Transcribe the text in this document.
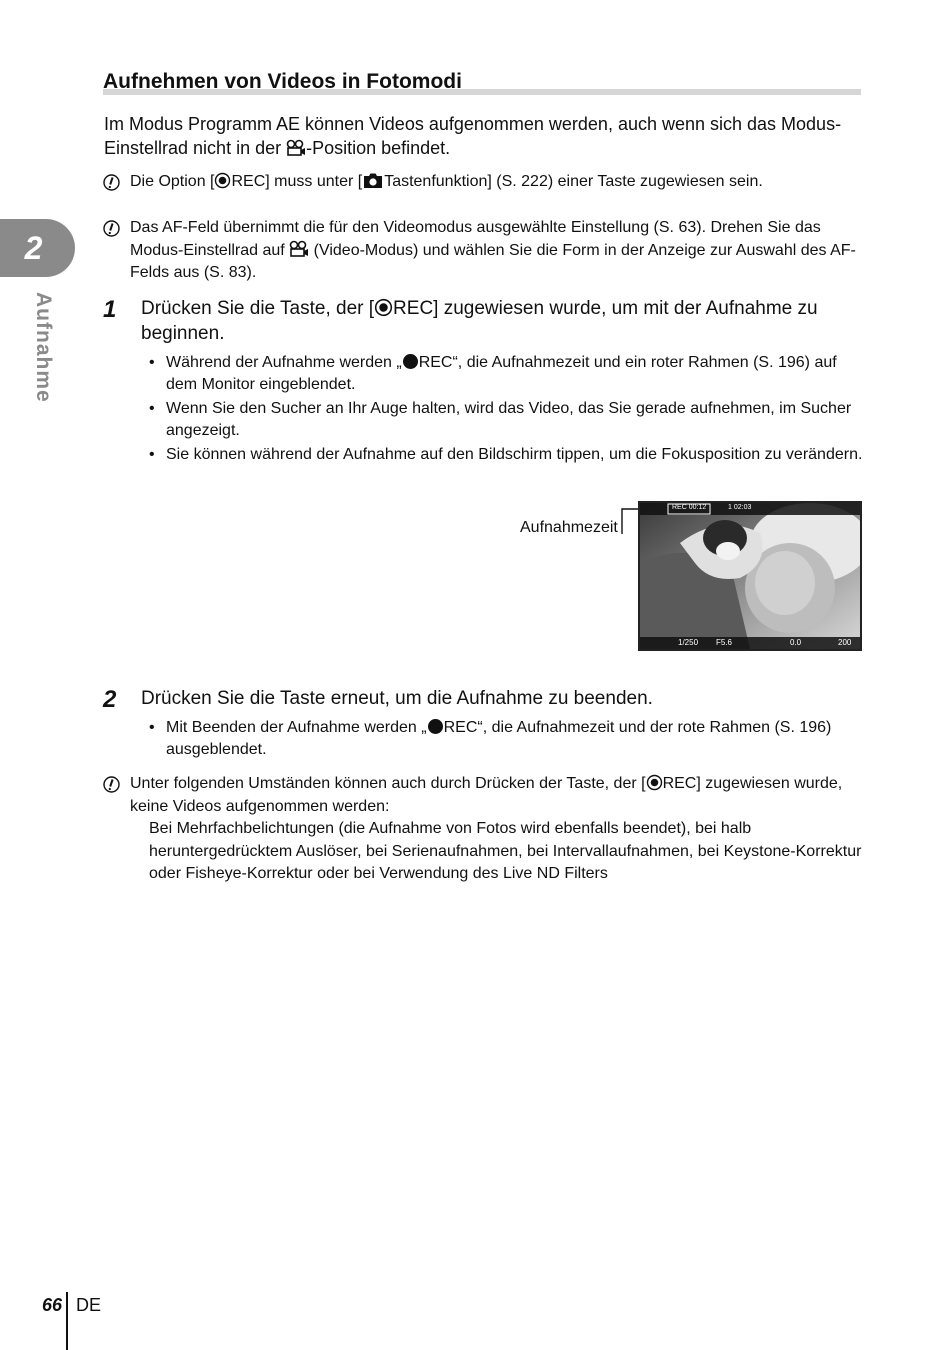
2
Aufnahme
Aufnehmen von Videos in Fotomodi
Im Modus Programm AE können Videos aufgenommen werden, auch wenn sich das Modus-Einstellrad nicht in der -Position befindet.
Die Option [ REC] muss unter [ Tastenfunktion] (S. 222) einer Taste zugewiesen sein.
Das AF-Feld übernimmt die für den Videomodus ausgewählte Einstellung (S. 63). Drehen Sie das Modus-Einstellrad auf  (Video-Modus) und wählen Sie die Form in der Anzeige zur Auswahl des AF-Felds aus (S. 83).
1 Drücken Sie die Taste, der [ REC] zugewiesen wurde, um mit der Aufnahme zu beginnen.
• Während der Aufnahme werden „ REC“, die Aufnahmezeit und ein roter Rahmen (S. 196) auf dem Monitor eingeblendet.
• Wenn Sie den Sucher an Ihr Auge halten, wird das Video, das Sie gerade aufnehmen, im Sucher angezeigt.
• Sie können während der Aufnahme auf den Bildschirm tippen, um die Fokusposition zu verändern.
Aufnahmezeit
REC 00:12	1 02:03
1/250 F5.6	0.0	200
2 Drücken Sie die Taste erneut, um die Aufnahme zu beenden.
• Mit Beenden der Aufnahme werden „ REC“, die Aufnahmezeit und der rote Rahmen (S. 196) ausgeblendet.
Unter folgenden Umständen können auch durch Drücken der Taste, der [ REC] zugewiesen wurde, keine Videos aufgenommen werden:
Bei Mehrfachbelichtungen (die Aufnahme von Fotos wird ebenfalls beendet), bei halb heruntergedrücktem Auslöser, bei Serienaufnahmen, bei Intervallaufnahmen, bei Keystone-Korrektur oder Fisheye-Korrektur oder bei Verwendung des Live ND Filters
66 DE
